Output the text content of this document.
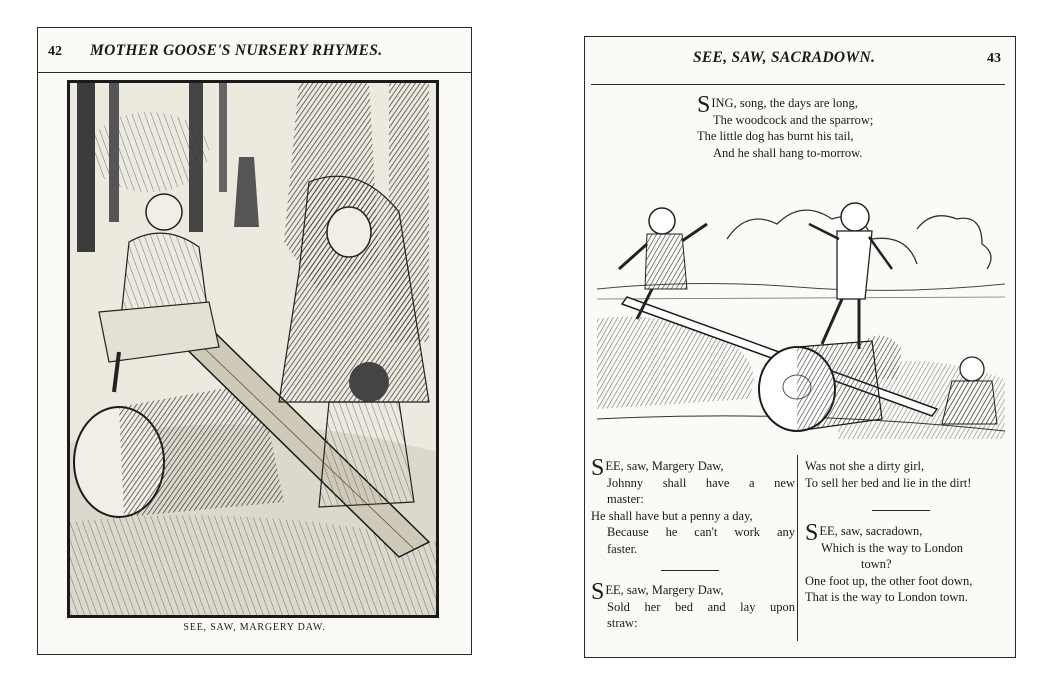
42 MOTHER GOOSE'S NURSERY RHYMES.
SEE, SAW, MARGERY DAW.
SEE, SAW, SACRADOWN.	43
SING, song, the days are long,
The woodcock and the sparrow;
The little dog has burnt his tail,
And he shall hang to-morrow.
SEE, saw, Margery Daw,
Johnny shall have a new
master:
He shall have but a penny a day,
Because he can't work any
faster.
SEE, saw, Margery Daw,
Sold her bed and lay upon
straw:
Was not she a dirty girl,
To sell her bed and lie in the dirt!
SEE, saw, sacradown,
Which is the way to London
town?
One foot up, the other foot down,
That is the way to London town.
